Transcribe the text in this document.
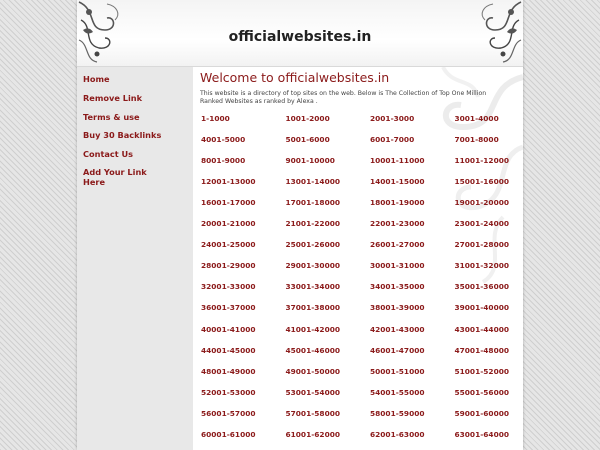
officialwebsites.in
Home
Remove Link
Terms & use
Buy 30 Backlinks
Contact Us
Add Your Link Here
Welcome to officialwebsites.in
This website is a directory of top sites on the web. Below is The Collection of Top One Million Ranked Websites as ranked by Alexa .
1-1000	1001-2000	2001-3000	3001-4000
4001-5000	5001-6000	6001-7000	7001-8000
8001-9000	9001-10000	10001-11000	11001-12000
12001-13000	13001-14000	14001-15000	15001-16000
16001-17000	17001-18000	18001-19000	19001-20000
20001-21000	21001-22000	22001-23000	23001-24000
24001-25000	25001-26000	26001-27000	27001-28000
28001-29000	29001-30000	30001-31000	31001-32000
32001-33000	33001-34000	34001-35000	35001-36000
36001-37000	37001-38000	38001-39000	39001-40000
40001-41000	41001-42000	42001-43000	43001-44000
44001-45000	45001-46000	46001-47000	47001-48000
48001-49000	49001-50000	50001-51000	51001-52000
52001-53000	53001-54000	54001-55000	55001-56000
56001-57000	57001-58000	58001-59000	59001-60000
60001-61000	61001-62000	62001-63000	63001-64000
